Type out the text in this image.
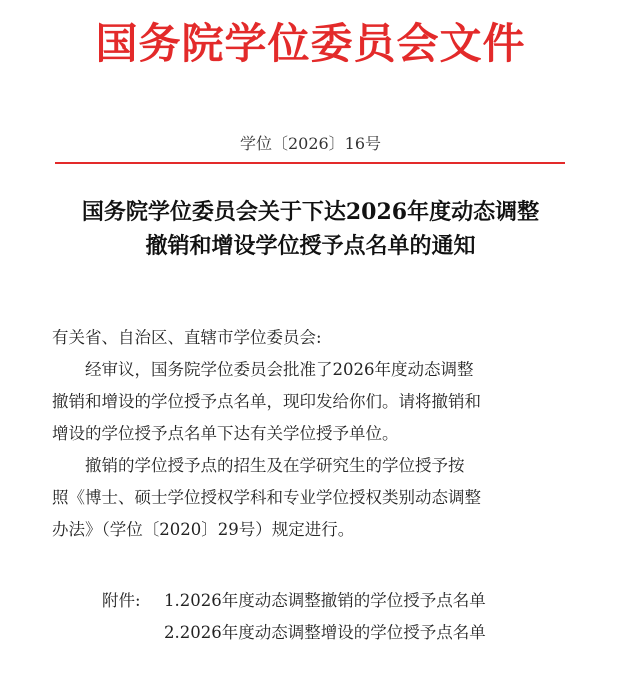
国务院学位委员会文件
学位〔2026〕16号
国务院学位委员会关于下达2026年度动态调整
撤销和增设学位授予点名单的通知
有关省、自治区、直辖市学位委员会:
经审议，国务院学位委员会批准了2026年度动态调整
撤销和增设的学位授予点名单，现印发给你们。请将撤销和
增设的学位授予点名单下达有关学位授予单位。
撤销的学位授予点的招生及在学研究生的学位授予按
照《博士、硕士学位授权学科和专业学位授权类别动态调整
办法》（学位〔2020〕29号）规定进行。
附件: 1.2026年度动态调整撤销的学位授予点名单
2.2026年度动态调整增设的学位授予点名单
